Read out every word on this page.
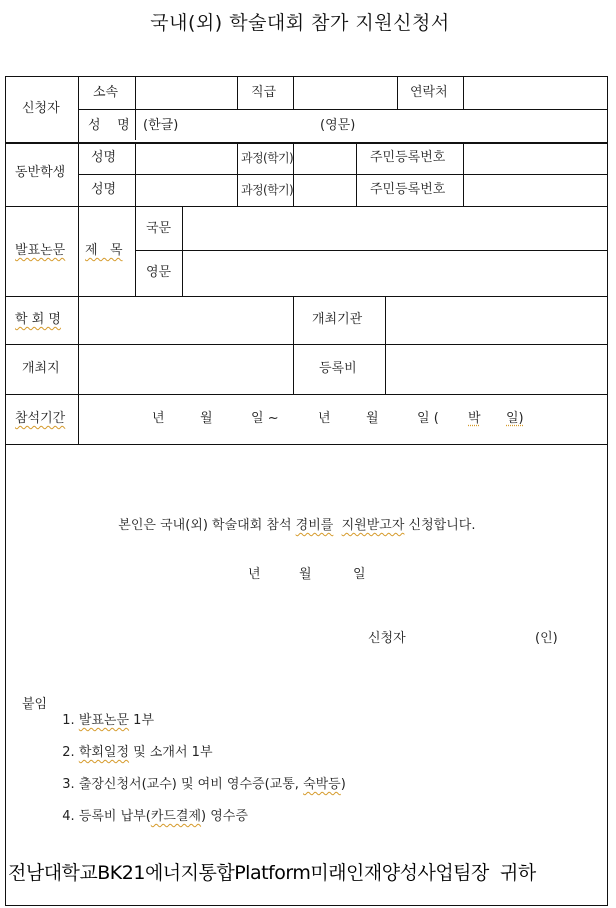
국내(외) 학술대회 참가 지원신청서
신청자
소속	직급	연락처
성    명 (한글)	(영문)
동반학생
성명	과정(학기)	주민등록번호
성명	과정(학기)	주민등록번호
발표논문 제   목
국문
영문
학 회 명	개최기관
개최지	등록비
참석기간	년	월	일 ~	년	월	일 ( 박 일)

본인은 국내(외) 학술대회 참석 경비를 지원받고자 신청합니다.

년	월	일
신청자	(인)
붙임

1. 발표논문 1부

2. 학회일정 및 소개서 1부

3. 출장신청서(교수) 및 여비 영수증(교통, 숙박등)

4. 등록비 납부(카드결제) 영수증

전남대학교BK21에너지통합Platform미래인재양성사업팀장  귀하
